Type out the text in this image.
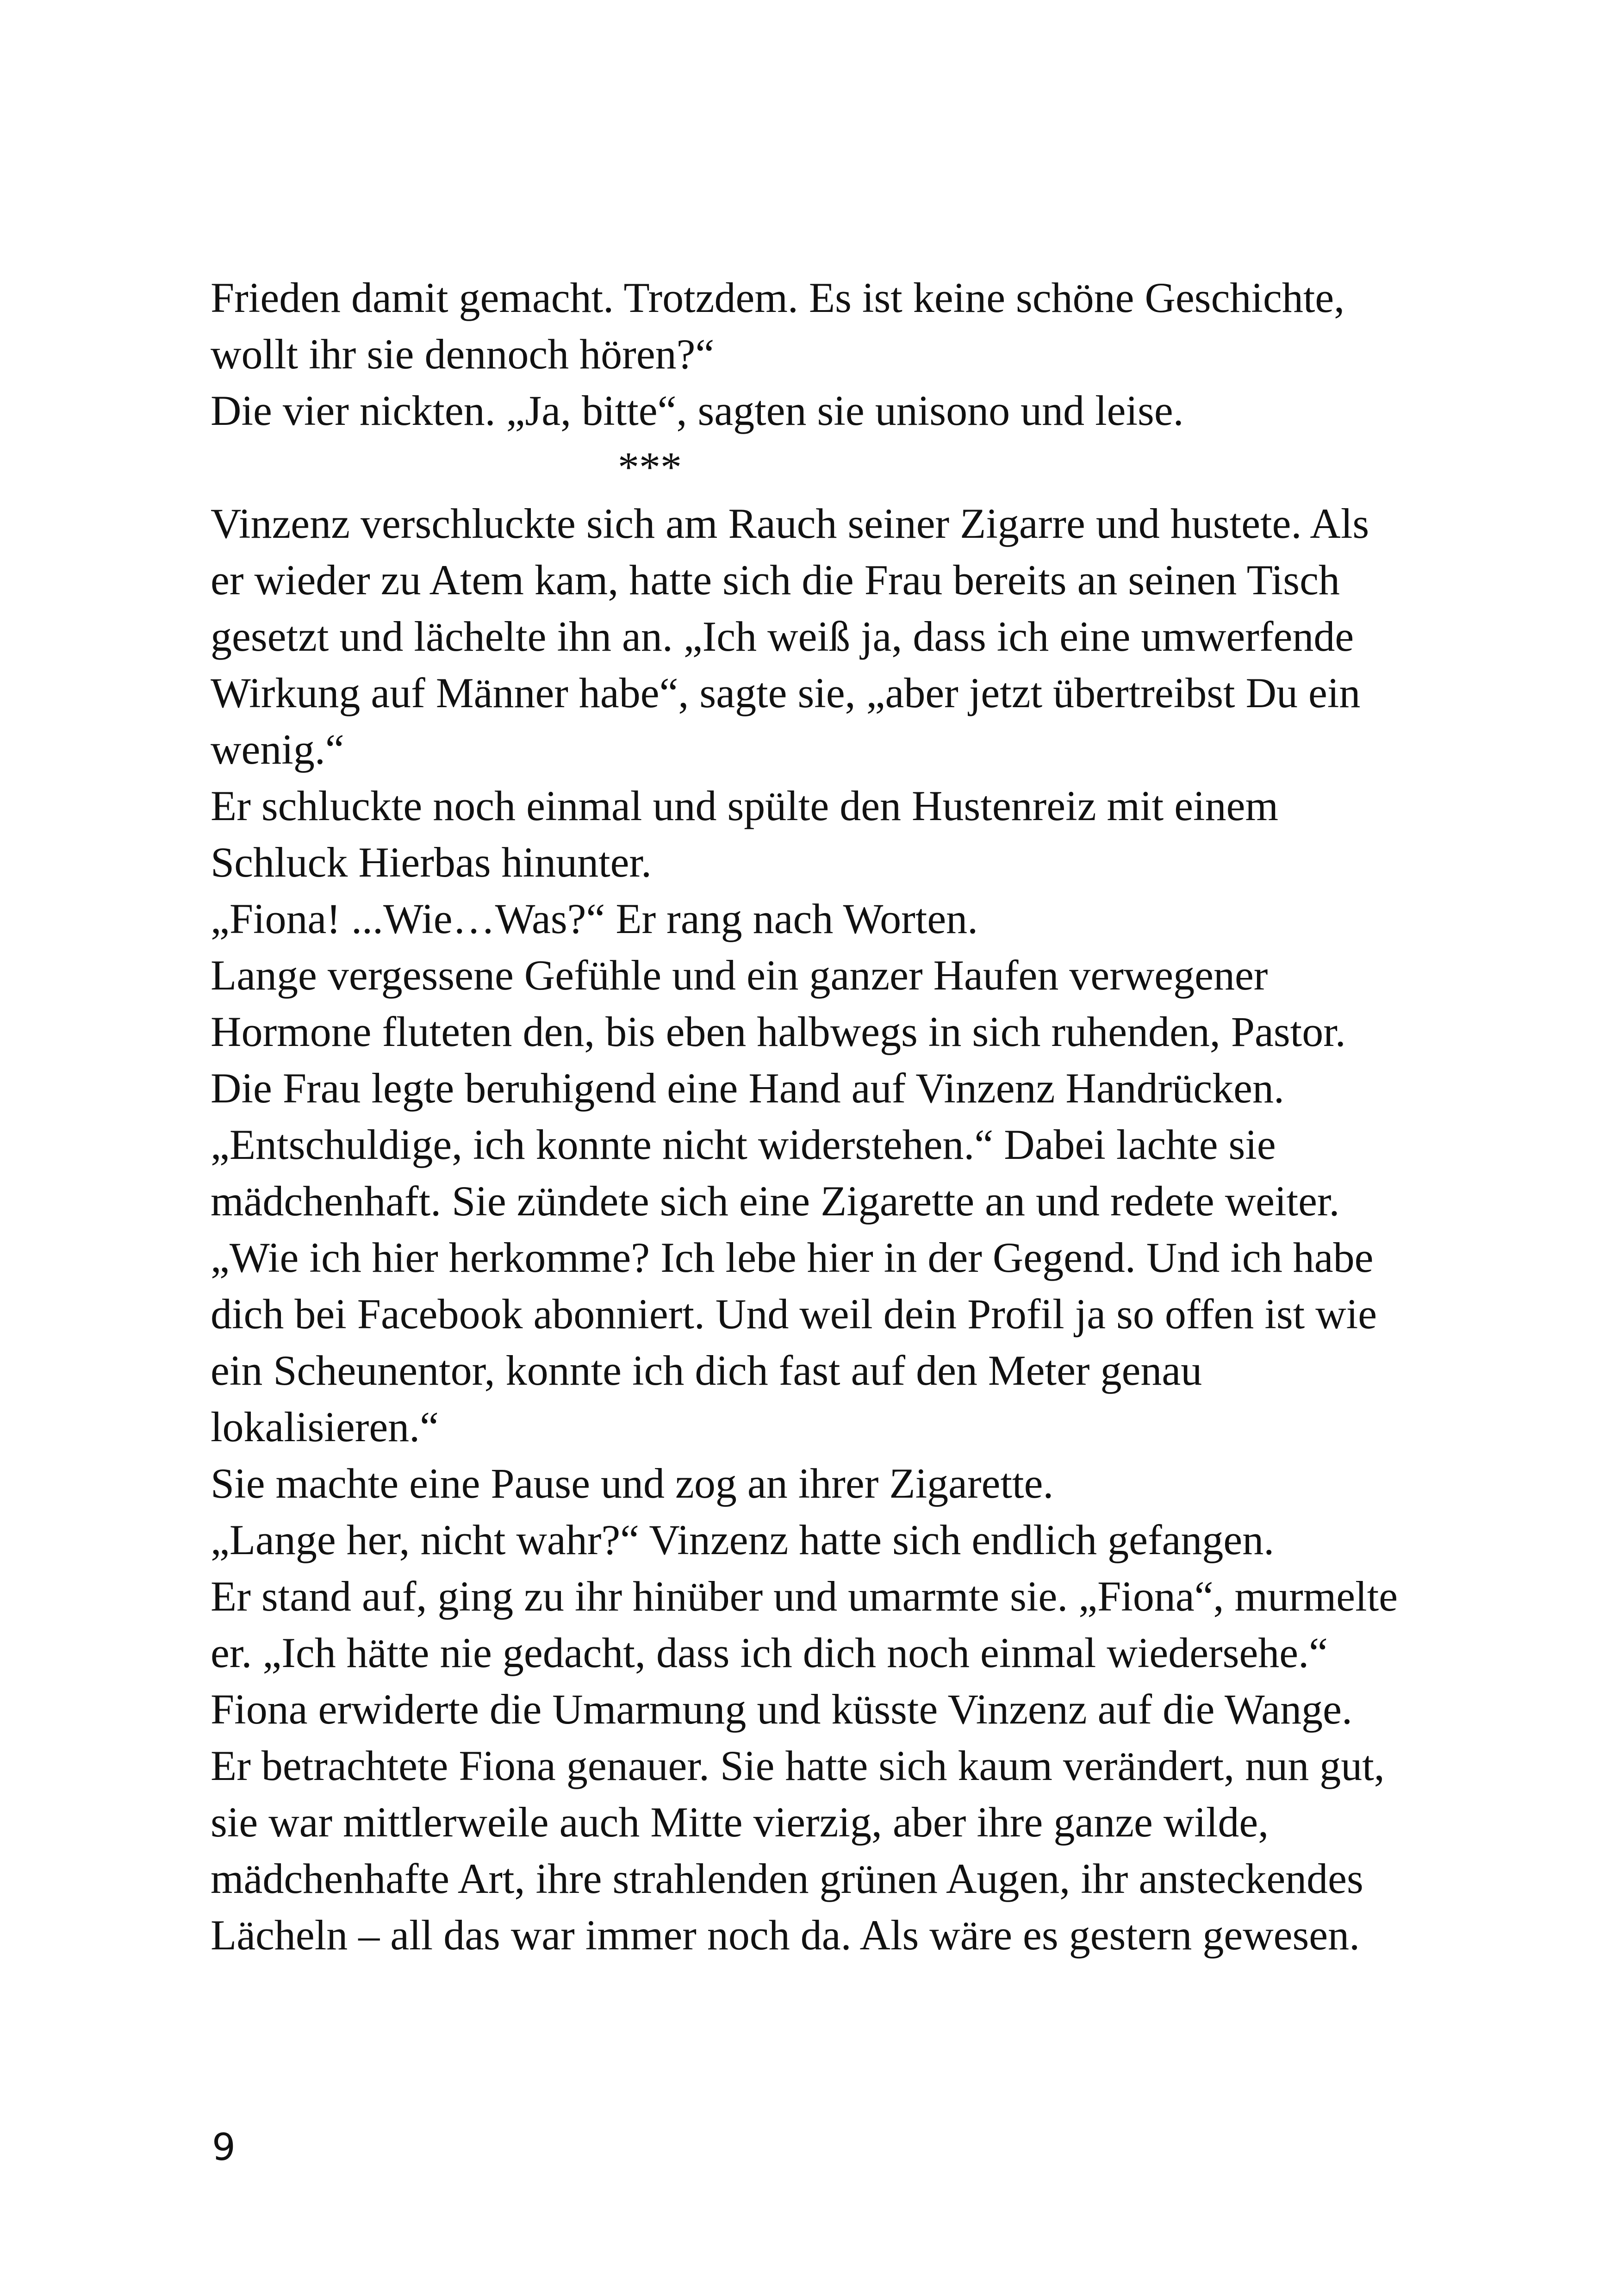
Frieden damit gemacht. Trotzdem. Es ist keine schöne Geschichte,
wollt ihr sie dennoch hören?“
Die vier nickten. „Ja, bitte“, sagten sie unisono und leise.
***
Vinzenz verschluckte sich am Rauch seiner Zigarre und hustete. Als
er wieder zu Atem kam, hatte sich die Frau bereits an seinen Tisch
gesetzt und lächelte ihn an. „Ich weiß ja, dass ich eine umwerfende
Wirkung auf Männer habe“, sagte sie, „aber jetzt übertreibst Du ein
wenig.“
Er schluckte noch einmal und spülte den Hustenreiz mit einem
Schluck Hierbas hinunter.
„Fiona! ...Wie…Was?“ Er rang nach Worten.
Lange vergessene Gefühle und ein ganzer Haufen verwegener
Hormone fluteten den, bis eben halbwegs in sich ruhenden, Pastor.
Die Frau legte beruhigend eine Hand auf Vinzenz Handrücken.
„Entschuldige, ich konnte nicht widerstehen.“ Dabei lachte sie
mädchenhaft. Sie zündete sich eine Zigarette an und redete weiter.
„Wie ich hier herkomme? Ich lebe hier in der Gegend. Und ich habe
dich bei Facebook abonniert. Und weil dein Profil ja so offen ist wie
ein Scheunentor, konnte ich dich fast auf den Meter genau
lokalisieren.“
Sie machte eine Pause und zog an ihrer Zigarette.
„Lange her, nicht wahr?“ Vinzenz hatte sich endlich gefangen.
Er stand auf, ging zu ihr hinüber und umarmte sie. „Fiona“, murmelte
er. „Ich hätte nie gedacht, dass ich dich noch einmal wiedersehe.“
Fiona erwiderte die Umarmung und küsste Vinzenz auf die Wange.
Er betrachtete Fiona genauer. Sie hatte sich kaum verändert, nun gut,
sie war mittlerweile auch Mitte vierzig, aber ihre ganze wilde,
mädchenhafte Art, ihre strahlenden grünen Augen, ihr ansteckendes
Lächeln – all das war immer noch da. Als wäre es gestern gewesen.
9
